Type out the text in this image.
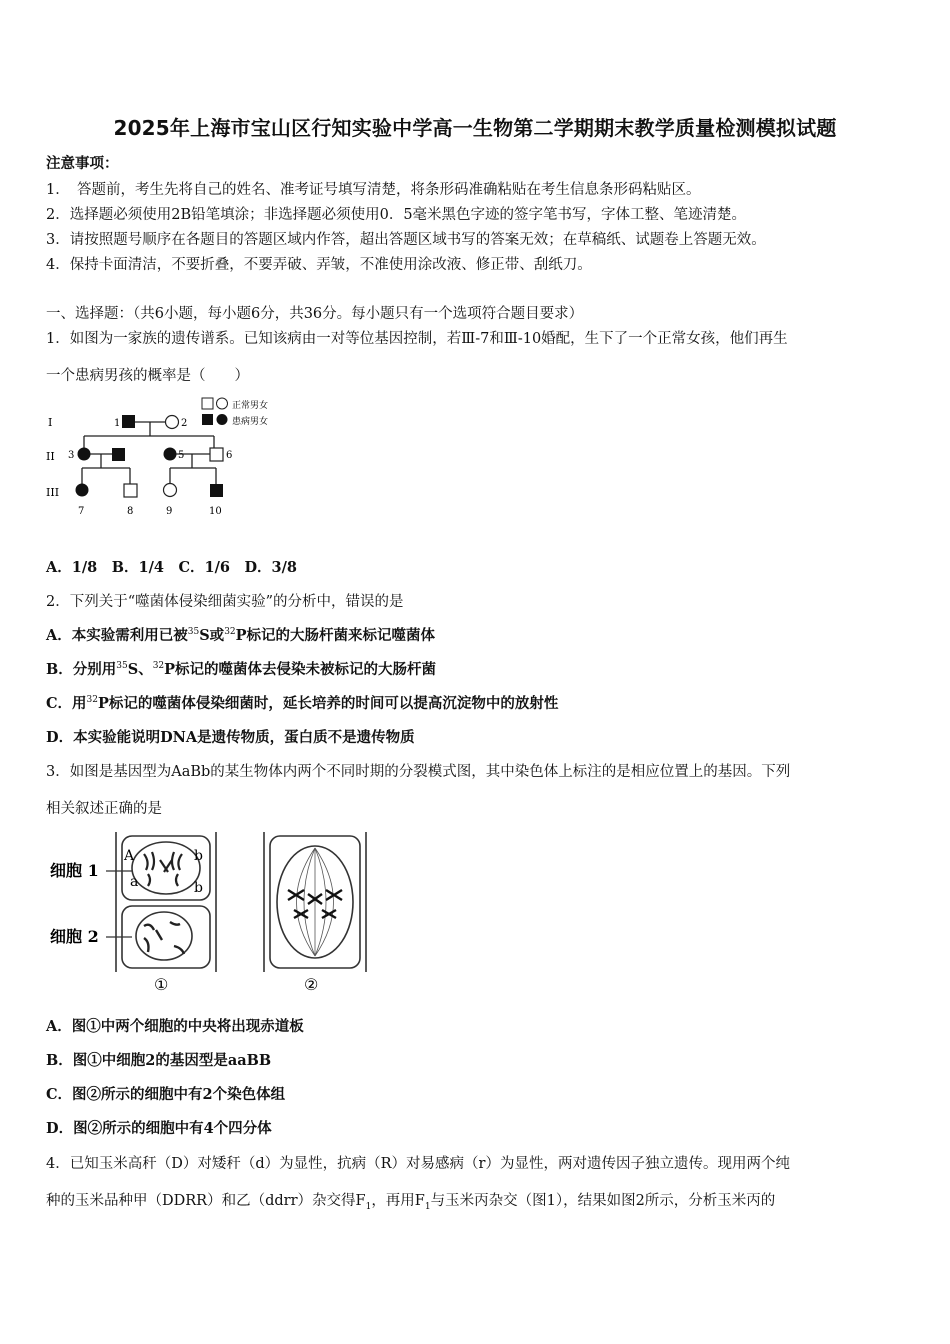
2025年上海市宝山区行知实验中学高一生物第二学期期末教学质量检测模拟试题
注意事项：
1．　答题前，考生先将自己的姓名、准考证号填写清楚，将条形码准确粘贴在考生信息条形码粘贴区。
2．选择题必须使用2B铅笔填涂；非选择题必须使用0．5毫米黑色字迹的签字笔书写，字体工整、笔迹清楚。
3．请按照题号顺序在各题目的答题区域内作答，超出答题区域书写的答案无效；在草稿纸、试题卷上答题无效。
4．保持卡面清洁，不要折叠，不要弄破、弄皱，不准使用涂改液、修正带、刮纸刀。
一、选择题：（共6小题，每小题6分，共36分。每小题只有一个选项符合题目要求）
1．如图为一家族的遗传谱系。已知该病由一对等位基因控制，若Ⅲ-7和Ⅲ-10婚配，生下了一个正常女孩，他们再生
一个患病男孩的概率是（　　）
I
II
III
1	2
正常男女
患病男女
3	5	6
7	8	9	10
A．1/8　B．1/4　C．1/6　D．3/8
2．下列关于“噬菌体侵染细菌实验”的分析中，错误的是
A．本实验需利用已被$^{35}$S或$^{32}$P标记的大肠杆菌来标记噬菌体
B．分别用$^{35}$S、$^{32}$P标记的噬菌体去侵染未被标记的大肠杆菌
C．用$^{32}$P标记的噬菌体侵染细菌时，延长培养的时间可以提高沉淀物中的放射性
D．本实验能说明DNA是遗传物质，蛋白质不是遗传物质
3．如图是基因型为AaBb的某生物体内两个不同时期的分裂模式图，其中染色体上标注的是相应位置上的基因。下列
相关叙述正确的是
细胞 1
细胞 2
A	b
a	b
①	②
A．图①中两个细胞的中央将出现赤道板
B．图①中细胞2的基因型是aaBB
C．图②所示的细胞中有2个染色体组
D．图②所示的细胞中有4个四分体
4．已知玉米高秆（D）对矮秆（d）为显性，抗病（R）对易感病（r）为显性，两对遗传因子独立遗传。现用两个纯
种的玉米品种甲（DDRR）和乙（ddrr）杂交得$F_1$，再用$F_1$与玉米丙杂交（图1），结果如图2所示，分析玉米丙的
